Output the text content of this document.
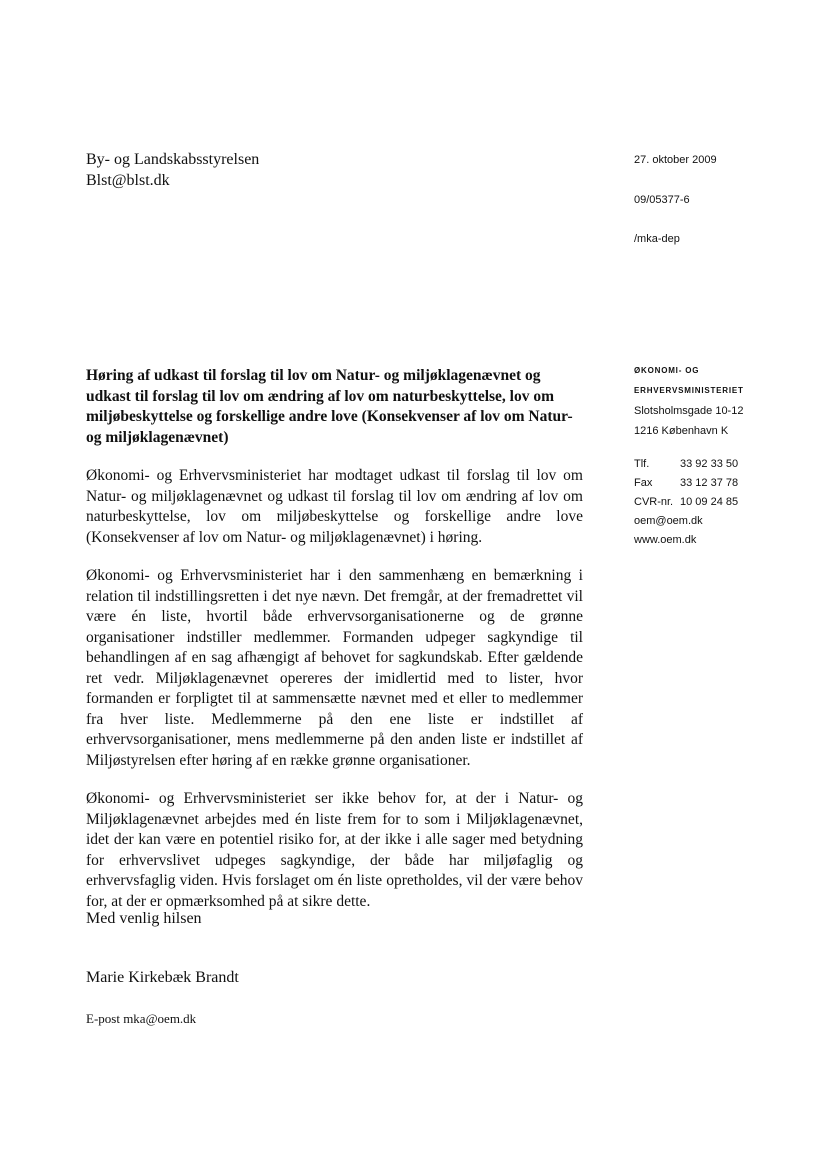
By- og Landskabsstyrelsen
Blst@blst.dk
27. oktober 2009
09/05377-6
/mka-dep
ØKONOMI- OG
ERHVERVSMINISTERIET
Slotsholmsgade 10-12
1216 København K
Tlf.	33 92 33 50
Fax	33 12 37 78
CVR-nr. 10 09 24 85
oem@oem.dk
www.oem.dk
Høring af udkast til forslag til lov om Natur- og miljøklagenævnet og udkast til forslag til lov om ændring af lov om naturbeskyttelse, lov om miljøbeskyttelse og forskellige andre love (Konsekvenser af lov om Natur- og miljøklagenævnet)
Økonomi- og Erhvervsministeriet har modtaget udkast til forslag til lov om Natur- og miljøklagenævnet og udkast til forslag til lov om ændring af lov om naturbeskyttelse, lov om miljøbeskyttelse og forskellige andre love (Konsekvenser af lov om Natur- og miljøklagenævnet) i høring.
Økonomi- og Erhvervsministeriet har i den sammenhæng en bemærkning i relation til indstillingsretten i det nye nævn. Det fremgår, at der fremadrettet vil være én liste, hvortil både erhvervsorganisationerne og de grønne organisationer indstiller medlemmer. Formanden udpeger sagkyndige til behandlingen af en sag afhængigt af behovet for sagkundskab. Efter gældende ret vedr. Miljøklagenævnet opereres der imidlertid med to lister, hvor formanden er forpligtet til at sammensætte nævnet med et eller to medlemmer fra hver liste. Medlemmerne på den ene liste er indstillet af erhvervsorganisationer, mens medlemmerne på den anden liste er indstillet af Miljøstyrelsen efter høring af en række grønne organisationer.
Økonomi- og Erhvervsministeriet ser ikke behov for, at der i Natur- og Miljøklagenævnet arbejdes med én liste frem for to som i Miljøklagenævnet, idet der kan være en potentiel risiko for, at der ikke i alle sager med betydning for erhvervslivet udpeges sagkyndige, der både har miljøfaglig og erhvervsfaglig viden. Hvis forslaget om én liste opretholdes, vil der være behov for, at der er opmærksomhed på at sikre dette.
Med venlig hilsen
Marie Kirkebæk Brandt
E-post mka@oem.dk
